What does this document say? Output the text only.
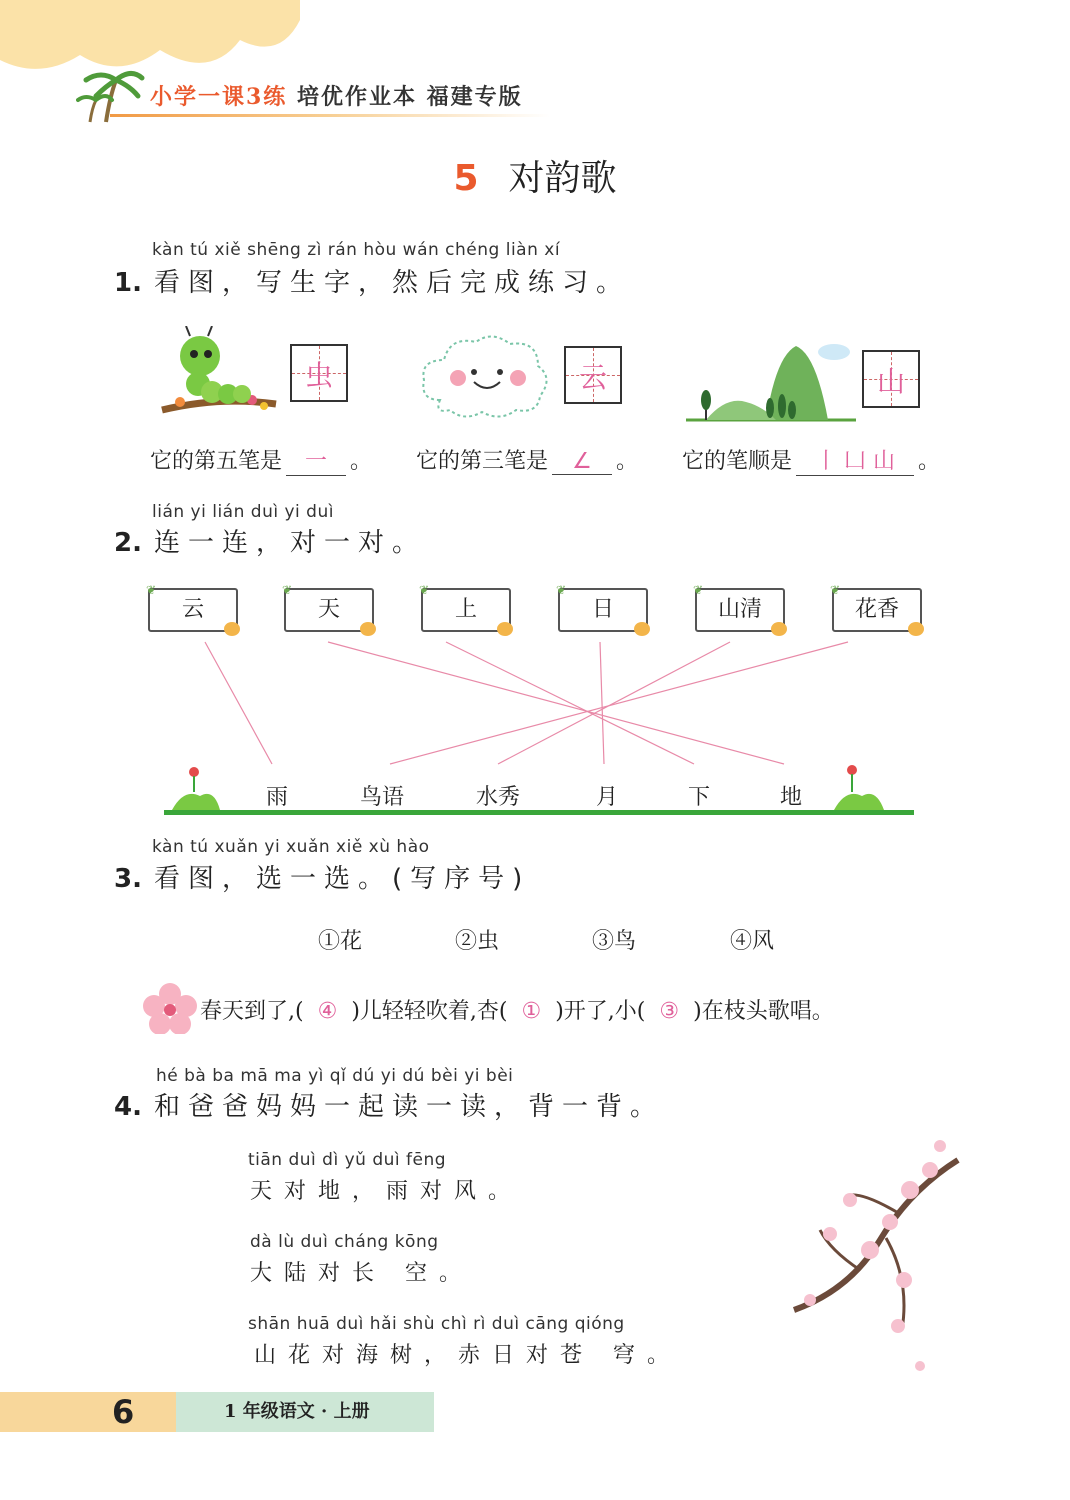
小学一课3练 培优作业本 福建专版
5 对韵歌
kàn tú xiě shēng zì rán hòu wán chéng liàn xí
1. 看图，写生字，然后完成练习。
虫	云	山
它的第五笔是 一 。 它的第三笔是 ∠ 。 它的笔顺是 丨 凵 山 。
lián yi lián duì yi duì
2. 连一连，对一对。
❦
云
❦
天
❦
上
❦
日
❦
山清
❦
花香
雨	鸟语	水秀	月	下	地
kàn tú xuǎn yi xuǎn xiě xù hào
3. 看图，选一选。(写序号)
①花	②虫	③鸟	④风
春天到了,( ④ )儿轻轻吹着,杏( ① )开了,小( ③ )在枝头歌唱。
hé bà ba mā ma yì qǐ dú yi dú bèi yi bèi
4. 和爸爸妈妈一起读一读，背一背。
tiān duì dì yǔ duì fēng
天对地，雨对风。
dà lù duì cháng kōng
大陆对长 空。
shān huā duì hǎi shù chì rì duì cāng qióng
山花对海树，赤日对苍 穹。
6	1 年级语文 · 上册
